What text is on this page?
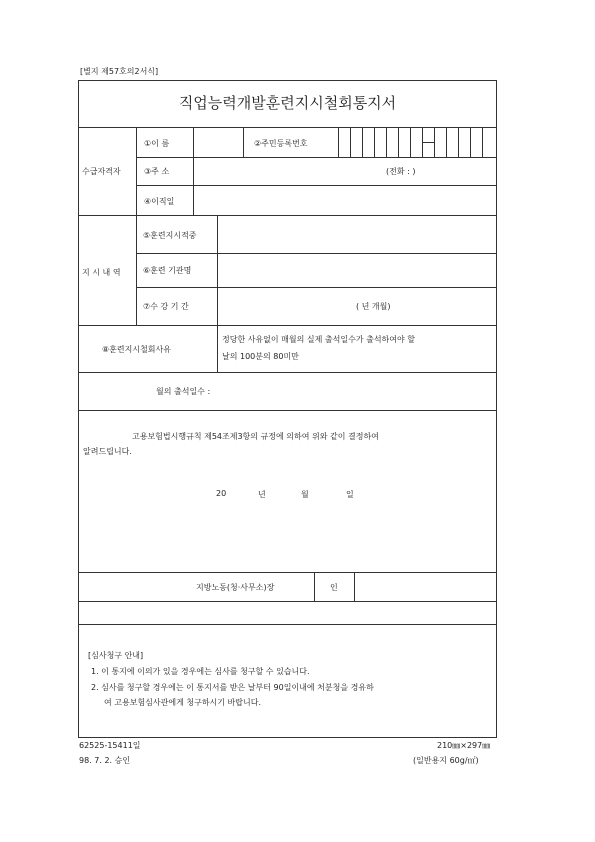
[별지 제57호의2서식]
직업능력개발훈련지시철회통지서
수급자격자
①이 름	②주민등록번호
③주 소	(전화 : )
④이직일
지 시 내 역
⑤훈련지시적중
⑥훈련 기관명
⑦수 강 기 간	( 년 개월)
⑧훈련지시철회사유
정당한 사유없이 매월의 실제 출석일수가 출석하여야 할
날의 100분의 80미만
월의 출석일수 :
고용보험법시행규칙 제54조제3항의 규정에 의하여 위와 같이 결정하여
알려드립니다.
20	년	월	일
지방노동(청·사무소)장	인
[심사청구 안내]
1. 이 통지에 이의가 있을 경우에는 심사를 청구할 수 있습니다.
2. 심사를 청구할 경우에는 이 통지서를 받은 날부터 90일이내에 처분청을 경유하
여 고용보험심사관에게 청구하시기 바랍니다.
62525-15411일
98. 7. 2. 승인
210㎜×297㎜
(일반용지 60g/㎡)
